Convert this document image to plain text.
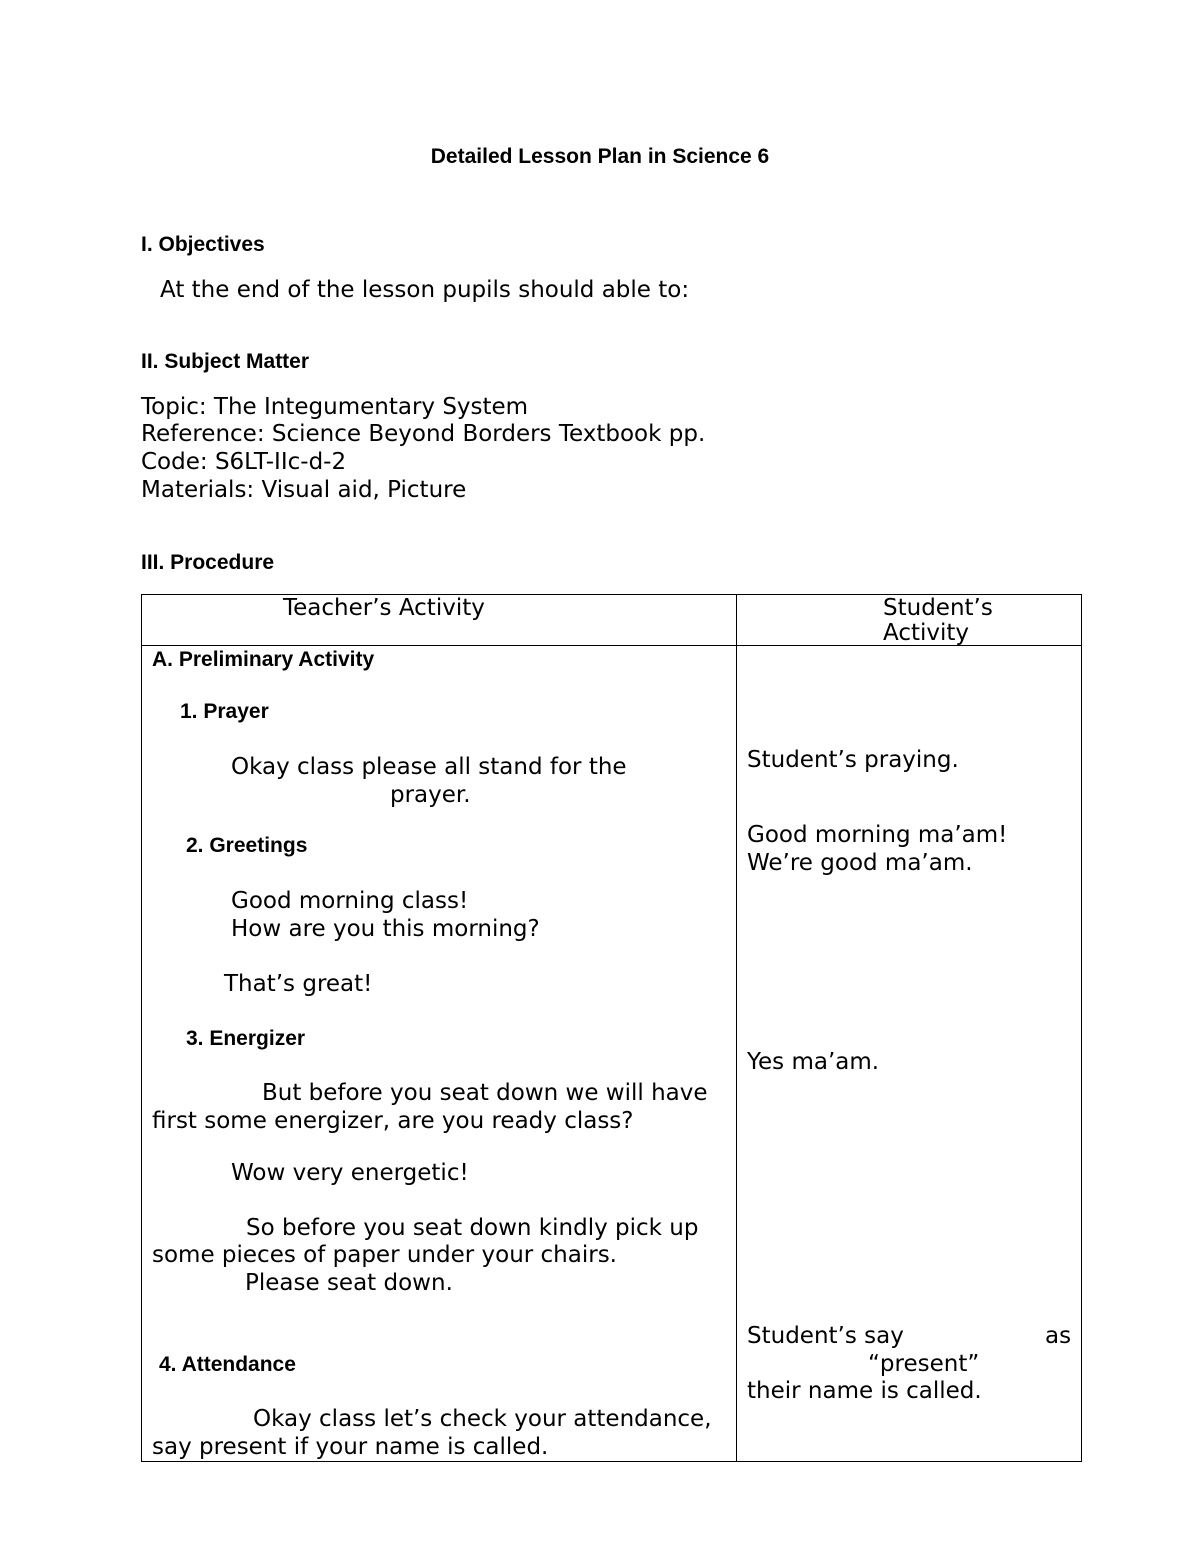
Detailed Lesson Plan in Science 6
I. Objectives
At the end of the lesson pupils should able to:
II. Subject Matter
Topic: The Integumentary System
Reference: Science Beyond Borders Textbook pp.
Code: S6LT-IIc-d-2
Materials: Visual aid, Picture
III. Procedure
Teacher’s Activity	Student’s
Activity
A. Preliminary Activity
1. Prayer
Okay class please all stand for the
prayer.
Student’s praying.
2. Greetings
Good morning class!
How are you this morning?
That’s great!
Good morning ma’am!
We’re good ma’am.
3. Energizer
But before you seat down we will have
first some energizer, are you ready class?
Wow very energetic!
So before you seat down kindly pick up
some pieces of paper under your chairs.
Please seat down.
Yes ma’am.
4. Attendance
Okay class let’s check your attendance,
say present if your name is called.
Student’s say	as
“present”
their name is called.
